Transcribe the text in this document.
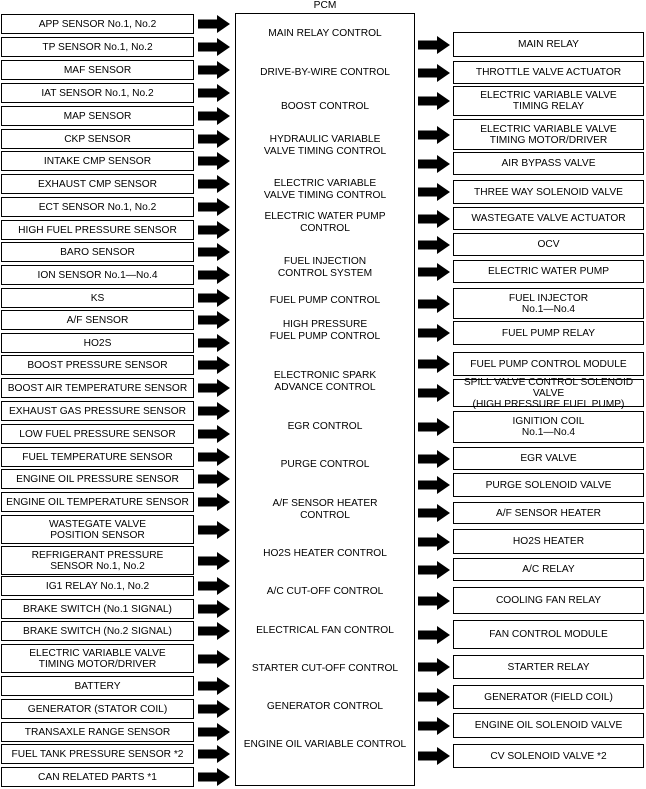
PCM
APP SENSOR No.1, No.2
TP SENSOR No.1, No.2
MAF SENSOR
IAT SENSOR No.1, No.2
MAP SENSOR
CKP SENSOR
INTAKE CMP SENSOR
EXHAUST CMP SENSOR
ECT SENSOR No.1, No.2
HIGH FUEL PRESSURE SENSOR
BARO SENSOR
ION SENSOR No.1—No.4
KS
A/F SENSOR
HO2S
BOOST PRESSURE SENSOR
BOOST AIR TEMPERATURE SENSOR
EXHAUST GAS PRESSURE SENSOR
LOW FUEL PRESSURE SENSOR
FUEL TEMPERATURE SENSOR
ENGINE OIL PRESSURE SENSOR
ENGINE OIL TEMPERATURE SENSOR
WASTEGATE VALVE
POSITION SENSOR
REFRIGERANT PRESSURE
SENSOR No.1, No.2
IG1 RELAY No.1, No.2
BRAKE SWITCH (No.1 SIGNAL)
BRAKE SWITCH (No.2 SIGNAL)
ELECTRIC VARIABLE VALVE
TIMING MOTOR/DRIVER
BATTERY
GENERATOR (STATOR COIL)
TRANSAXLE RANGE SENSOR
FUEL TANK PRESSURE SENSOR *2
CAN RELATED PARTS *1
MAIN RELAY CONTROL
DRIVE-BY-WIRE CONTROL
BOOST CONTROL
HYDRAULIC VARIABLE
VALVE TIMING CONTROL
ELECTRIC VARIABLE
VALVE TIMING CONTROL
ELECTRIC WATER PUMP
CONTROL
FUEL INJECTION
CONTROL SYSTEM
FUEL PUMP CONTROL
HIGH PRESSURE
FUEL PUMP CONTROL
ELECTRONIC SPARK
ADVANCE CONTROL
EGR CONTROL
PURGE CONTROL
A/F SENSOR HEATER
CONTROL
HO2S HEATER CONTROL
A/C CUT-OFF CONTROL
ELECTRICAL FAN CONTROL
STARTER CUT-OFF CONTROL
GENERATOR CONTROL
ENGINE OIL VARIABLE CONTROL
MAIN RELAY
THROTTLE VALVE ACTUATOR
ELECTRIC VARIABLE VALVE
TIMING RELAY
ELECTRIC VARIABLE VALVE
TIMING MOTOR/DRIVER
AIR BYPASS VALVE
THREE WAY SOLENOID VALVE
WASTEGATE VALVE ACTUATOR
OCV
ELECTRIC WATER PUMP
FUEL INJECTOR
No.1—No.4
FUEL PUMP RELAY
FUEL PUMP CONTROL MODULE
SPILL VALVE CONTROL SOLENOID VALVE
(HIGH PRESSURE FUEL PUMP)
IGNITION COIL
No.1—No.4
EGR VALVE
PURGE SOLENOID VALVE
A/F SENSOR HEATER
HO2S HEATER
A/C RELAY
COOLING FAN RELAY
FAN CONTROL MODULE
STARTER RELAY
GENERATOR (FIELD COIL)
ENGINE OIL SOLENOID VALVE
CV SOLENOID VALVE *2
